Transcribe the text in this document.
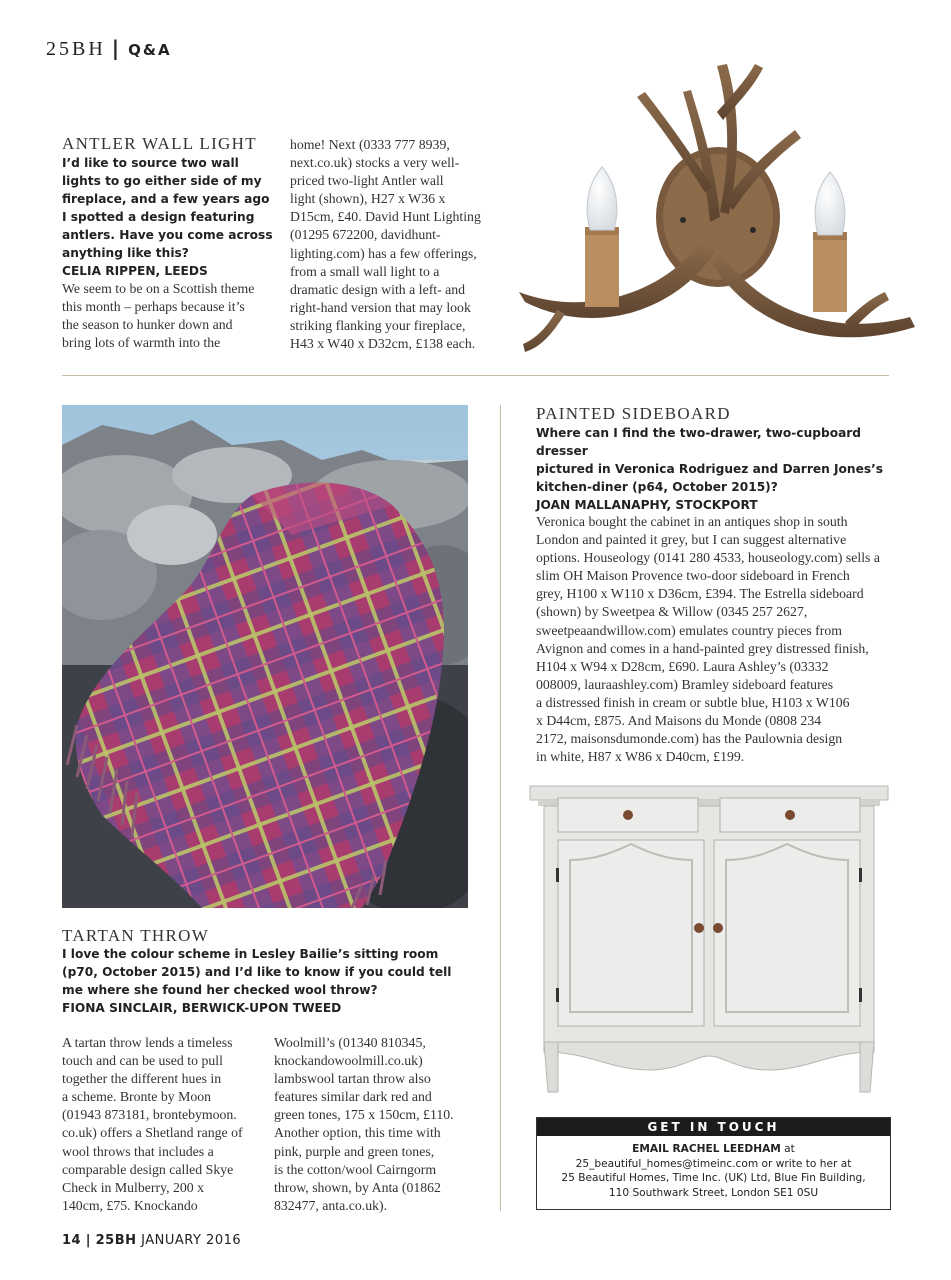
25BH | Q&A
ANTLER WALL LIGHT
I’d like to source two wall lights to go either side of my fireplace, and a few years ago I spotted a design featuring antlers. Have you come across anything like this?
CELIA RIPPEN, LEEDS
We seem to be on a Scottish theme
this month – perhaps because it’s
the season to hunker down and
bring lots of warmth into the
home! Next (0333 777 8939,
next.co.uk) stocks a very well-
priced two-light Antler wall
light (shown), H27 x W36 x
D15cm, £40. David Hunt Lighting
(01295 672200, davidhunt-
lighting.com) has a few offerings,
from a small wall light to a
dramatic design with a left- and
right-hand version that may look
striking flanking your fireplace,
H43 x W40 x D32cm, £138 each.
PAINTED SIDEBOARD
Where can I find the two-drawer, two-cupboard dresser
pictured in Veronica Rodriguez and Darren Jones’s
kitchen-diner (p64, October 2015)?
JOAN MALLANAPHY, STOCKPORT
Veronica bought the cabinet in an antiques shop in south
London and painted it grey, but I can suggest alternative
options. Houseology (0141 280 4533, houseology.com) sells a
slim OH Maison Provence two-door sideboard in French
grey, H100 x W110 x D36cm, £394. The Estrella sideboard
(shown) by Sweetpea & Willow (0345 257 2627,
sweetpeaandwillow.com) emulates country pieces from
Avignon and comes in a hand-painted grey distressed finish,
H104 x W94 x D28cm, £690. Laura Ashley’s (03332
008009, lauraashley.com) Bramley sideboard features
a distressed finish in cream or subtle blue, H103 x W106
x D44cm, £875. And Maisons du Monde (0808 234
2172, maisonsdumonde.com) has the Paulownia design
in white, H87 x W86 x D40cm, £199.
TARTAN THROW
I love the colour scheme in Lesley Bailie’s sitting room
(p70, October 2015) and I’d like to know if you could tell
me where she found her checked wool throw?
FIONA SINCLAIR, BERWICK-UPON TWEED
A tartan throw lends a timeless
touch and can be used to pull
together the different hues in
a scheme. Bronte by Moon
(01943 873181, brontebymoon.
co.uk) offers a Shetland range of
wool throws that includes a
comparable design called Skye
Check in Mulberry, 200 x
140cm, £75. Knockando
Woolmill’s (01340 810345,
knockandowoolmill.co.uk)
lambswool tartan throw also
features similar dark red and
green tones, 175 x 150cm, £110.
Another option, this time with
pink, purple and green tones,
is the cotton/wool Cairngorm
throw, shown, by Anta (01862
832477, anta.co.uk).
GET IN TOUCH
EMAIL RACHEL LEEDHAM at
25_beautiful_homes@timeinc.com or write to her at
25 Beautiful Homes, Time Inc. (UK) Ltd, Blue Fin Building,
110 Southwark Street, London SE1 0SU
14 | 25BH JANUARY 2016
